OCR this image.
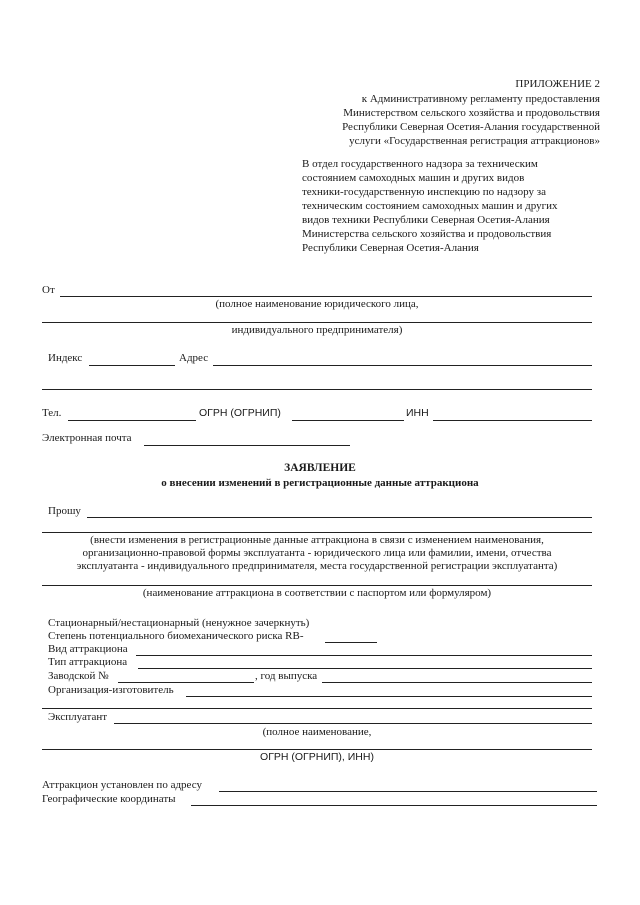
ПРИЛОЖЕНИЕ 2
к Административному регламенту предоставления
Министерством сельского хозяйства и продовольствия
Республики Северная Осетия-Алания государственной
услуги «Государственная регистрация аттракционов»
В отдел государственного надзора за техническим
состоянием самоходных машин и других видов
техники-государственную инспекцию по надзору за
техническим состоянием самоходных машин и других
видов техники Республики Северная Осетия-Алания
Министерства сельского хозяйства и продовольствия
Республики Северная Осетия-Алания
От
(полное наименование юридического лица,
индивидуального предпринимателя)
Индекс	Адрес
Тел.	ОГРН (ОГРНИП)	ИНН
Электронная почта
ЗАЯВЛЕНИЕ
о внесении изменений в регистрационные данные аттракциона
Прошу
(внести изменения в регистрационные данные аттракциона в связи с изменением наименования,
организационно-правовой формы эксплуатанта - юридического лица или фамилии, имени, отчества
эксплуатанта - индивидуального предпринимателя, места государственной регистрации эксплуатанта)
(наименование аттракциона в соответствии с паспортом или формуляром)
Стационарный/нестационарный (ненужное зачеркнуть)
Степень потенциального биомеханического риска RB-
Вид аттракциона
Тип аттракциона
Заводской №	, год выпуска
Организация-изготовитель
Эксплуатант
(полное наименование,
ОГРН (ОГРНИП), ИНН)
Аттракцион установлен по адресу
Географические координаты
